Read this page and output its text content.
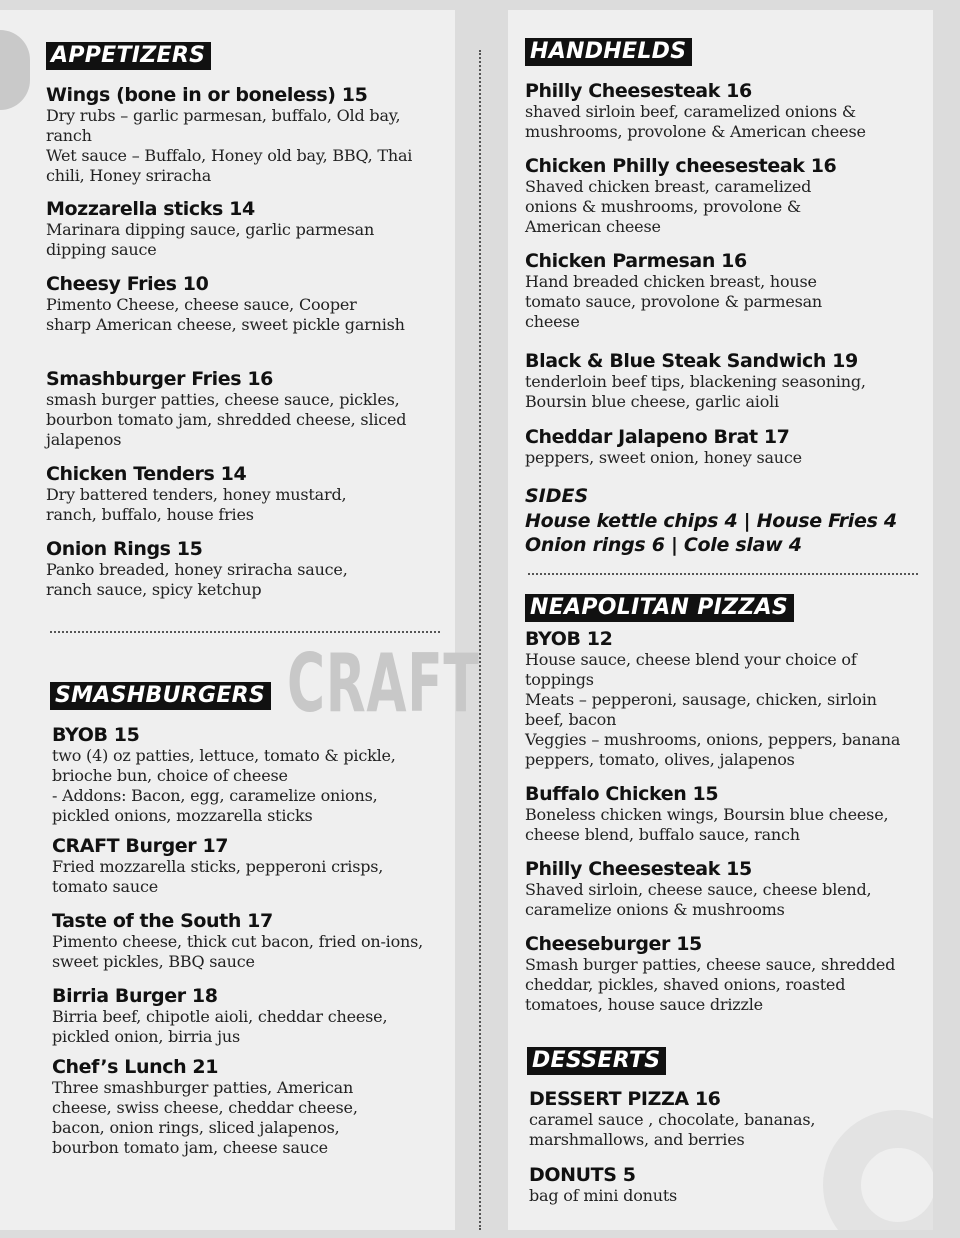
CRAFT
APPETIZERS
SMASHBURGERS
HANDHELDS
NEAPOLITAN PIZZAS
DESSERTS
SIDES
House kettle chips 4 | House Fries 4
Onion rings 6 | Cole slaw 4
Wings (bone in or boneless) 15

Dry rubs – garlic parmesan, buffalo, Old bay, ranch

Wet sauce – Buffalo, Honey old bay, BBQ, Thai chili, Honey sriracha

Mozzarella sticks 14

Marinara dipping sauce, garlic parmesan dipping sauce

Cheesy Fries 10

Pimento Cheese, cheese sauce, Cooper sharp American cheese, sweet pickle garnish

Smashburger Fries 16

smash burger patties, cheese sauce, pickles, bourbon tomato jam, shredded cheese, sliced jalapenos

Chicken Tenders 14

Dry battered tenders, honey mustard, ranch, buffalo, house fries

Onion Rings 15

Panko breaded, honey sriracha sauce, ranch sauce, spicy ketchup

BYOB 15

two (4) oz patties, lettuce, tomato & pickle, brioche bun, choice of cheese

- Addons: Bacon, egg, caramelize onions, pickled onions, mozzarella sticks

CRAFT Burger 17

Fried mozzarella sticks, pepperoni crisps, tomato sauce

Taste of the South 17

Pimento cheese, thick cut bacon, fried on-ions, sweet pickles, BBQ sauce

Birria Burger 18

Birria beef, chipotle aioli, cheddar cheese, pickled onion, birria jus

Chef’s Lunch 21

Three smashburger patties, American cheese, swiss cheese, cheddar cheese, bacon, onion rings, sliced jalapenos, bourbon tomato jam, cheese sauce

Philly Cheesesteak 16

shaved sirloin beef, caramelized onions & mushrooms, provolone & American cheese

Chicken Philly cheesesteak 16

Shaved chicken breast, caramelized onions & mushrooms, provolone & American cheese

Chicken Parmesan 16

Hand breaded chicken breast, house tomato sauce, provolone & parmesan cheese

Black & Blue Steak Sandwich 19

tenderloin beef tips, blackening seasoning, Boursin blue cheese, garlic aioli

Cheddar Jalapeno Brat 17

peppers, sweet onion, honey sauce

BYOB 12

House sauce, cheese blend your choice of toppings

Meats – pepperoni, sausage, chicken, sirloin beef, bacon

Veggies – mushrooms, onions, peppers, banana peppers, tomato, olives, jalapenos

Buffalo Chicken 15

Boneless chicken wings, Boursin blue cheese, cheese blend, buffalo sauce, ranch

Philly Cheesesteak 15

Shaved sirloin, cheese sauce, cheese blend, caramelize onions & mushrooms

Cheeseburger 15

Smash burger patties, cheese sauce, shredded cheddar, pickles, shaved onions, roasted tomatoes, house sauce drizzle

DESSERT PIZZA 16

caramel sauce , chocolate, bananas, marshmallows, and berries

DONUTS 5

bag of mini donuts
